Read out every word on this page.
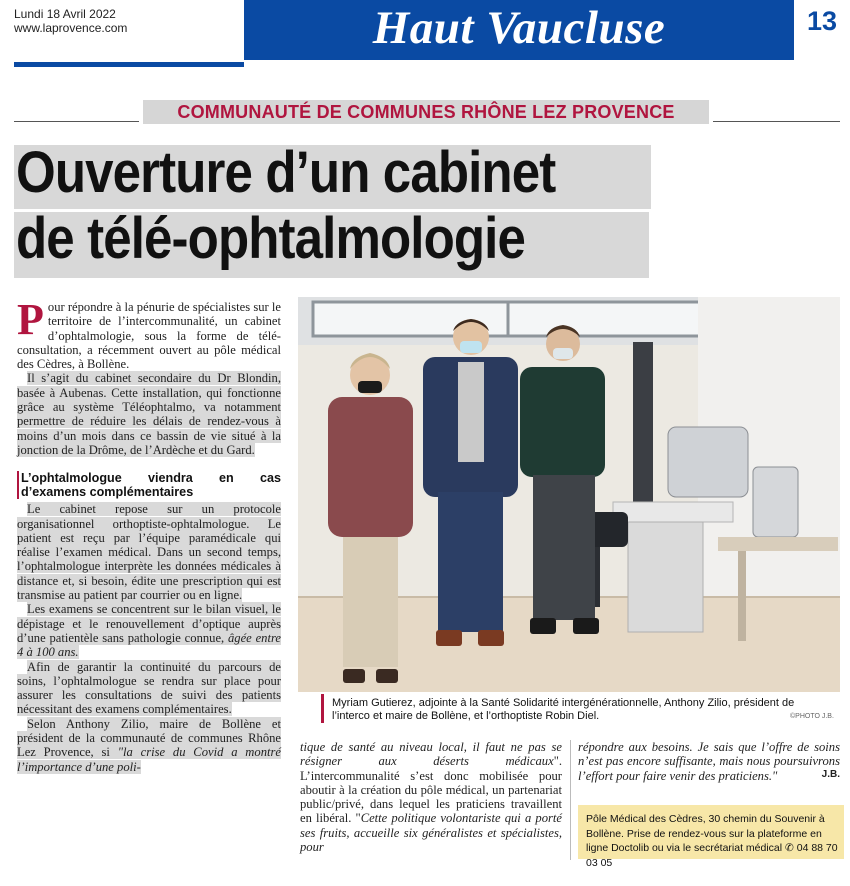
Lundi 18 Avril 2022
www.laprovence.com	Haut Vaucluse	13
COMMUNAUTÉ DE COMMUNES RHÔNE LEZ PROVENCE
Ouverture d’un cabinet
de télé-ophtalmologie

Pour répondre à la pénurie de spécialistes sur le territoire de l’intercommunalité, un cabinet d’ophtalmologie, sous la forme de télé-consultation, a récemment ouvert au pôle médical des Cèdres, à Bollène.

Il s’agit du cabinet secondaire du Dr Blondin, basée à Aubenas. Cette installation, qui fonctionne grâce au système Téléophtalmo, va notamment permettre de réduire les délais de rendez-vous à moins d’un mois dans ce bassin de vie situé à la jonction de la Drôme, de l’Ardèche et du Gard.

L’ophtalmologue viendra en cas d’examens complémentaires

Le cabinet repose sur un protocole organisationnel orthoptiste-ophtalmologue. Le patient est reçu par l’équipe paramédicale qui réalise l’examen médical. Dans un second temps, l’ophtalmologue interprète les données médicales à distance et, si besoin, édite une prescription qui est transmise au patient par courrier ou en ligne.

Les examens se concentrent sur le bilan visuel, le dépistage et le renouvellement d’optique auprès d’une patientèle sans pathologie connue, âgée entre 4 à 100 ans.

Afin de garantir la continuité du parcours de soins, l’ophtalmologue se rendra sur place pour assurer les consultations de suivi des patients nécessitant des examens complémentaires.

Selon Anthony Zilio, maire de Bollène et président de la communauté de communes Rhône Lez Provence, si "la crise du Covid a montré l’importance d’une poli-

©PHOTO J.B.
Myriam Gutierez, adjointe à la Santé Solidarité intergénérationnelle, Anthony Zilio, président de l’interco et maire de Bollène, et l’orthoptiste Robin Diel.

tique de santé au niveau local, il faut ne pas se résigner aux déserts médicaux". L’intercommunalité s’est donc mobilisée pour aboutir à la création du pôle médical, un partenariat public/privé, dans lequel les praticiens travaillent en libéral. "Cette politique volontariste qui a porté ses fruits, accueille six généralistes et spécialistes, pour

répondre aux besoins. Je sais que l’offre de soins n’est pas encore suffisante, mais nous poursuivrons l’effort pour faire venir des praticiens."	J.B.

Pôle Médical des Cèdres, 30 chemin du Souvenir à Bollène. Prise de rendez-vous sur la plateforme en ligne Doctolib ou via le secrétariat médical ✆ 04 88 70 03 05
